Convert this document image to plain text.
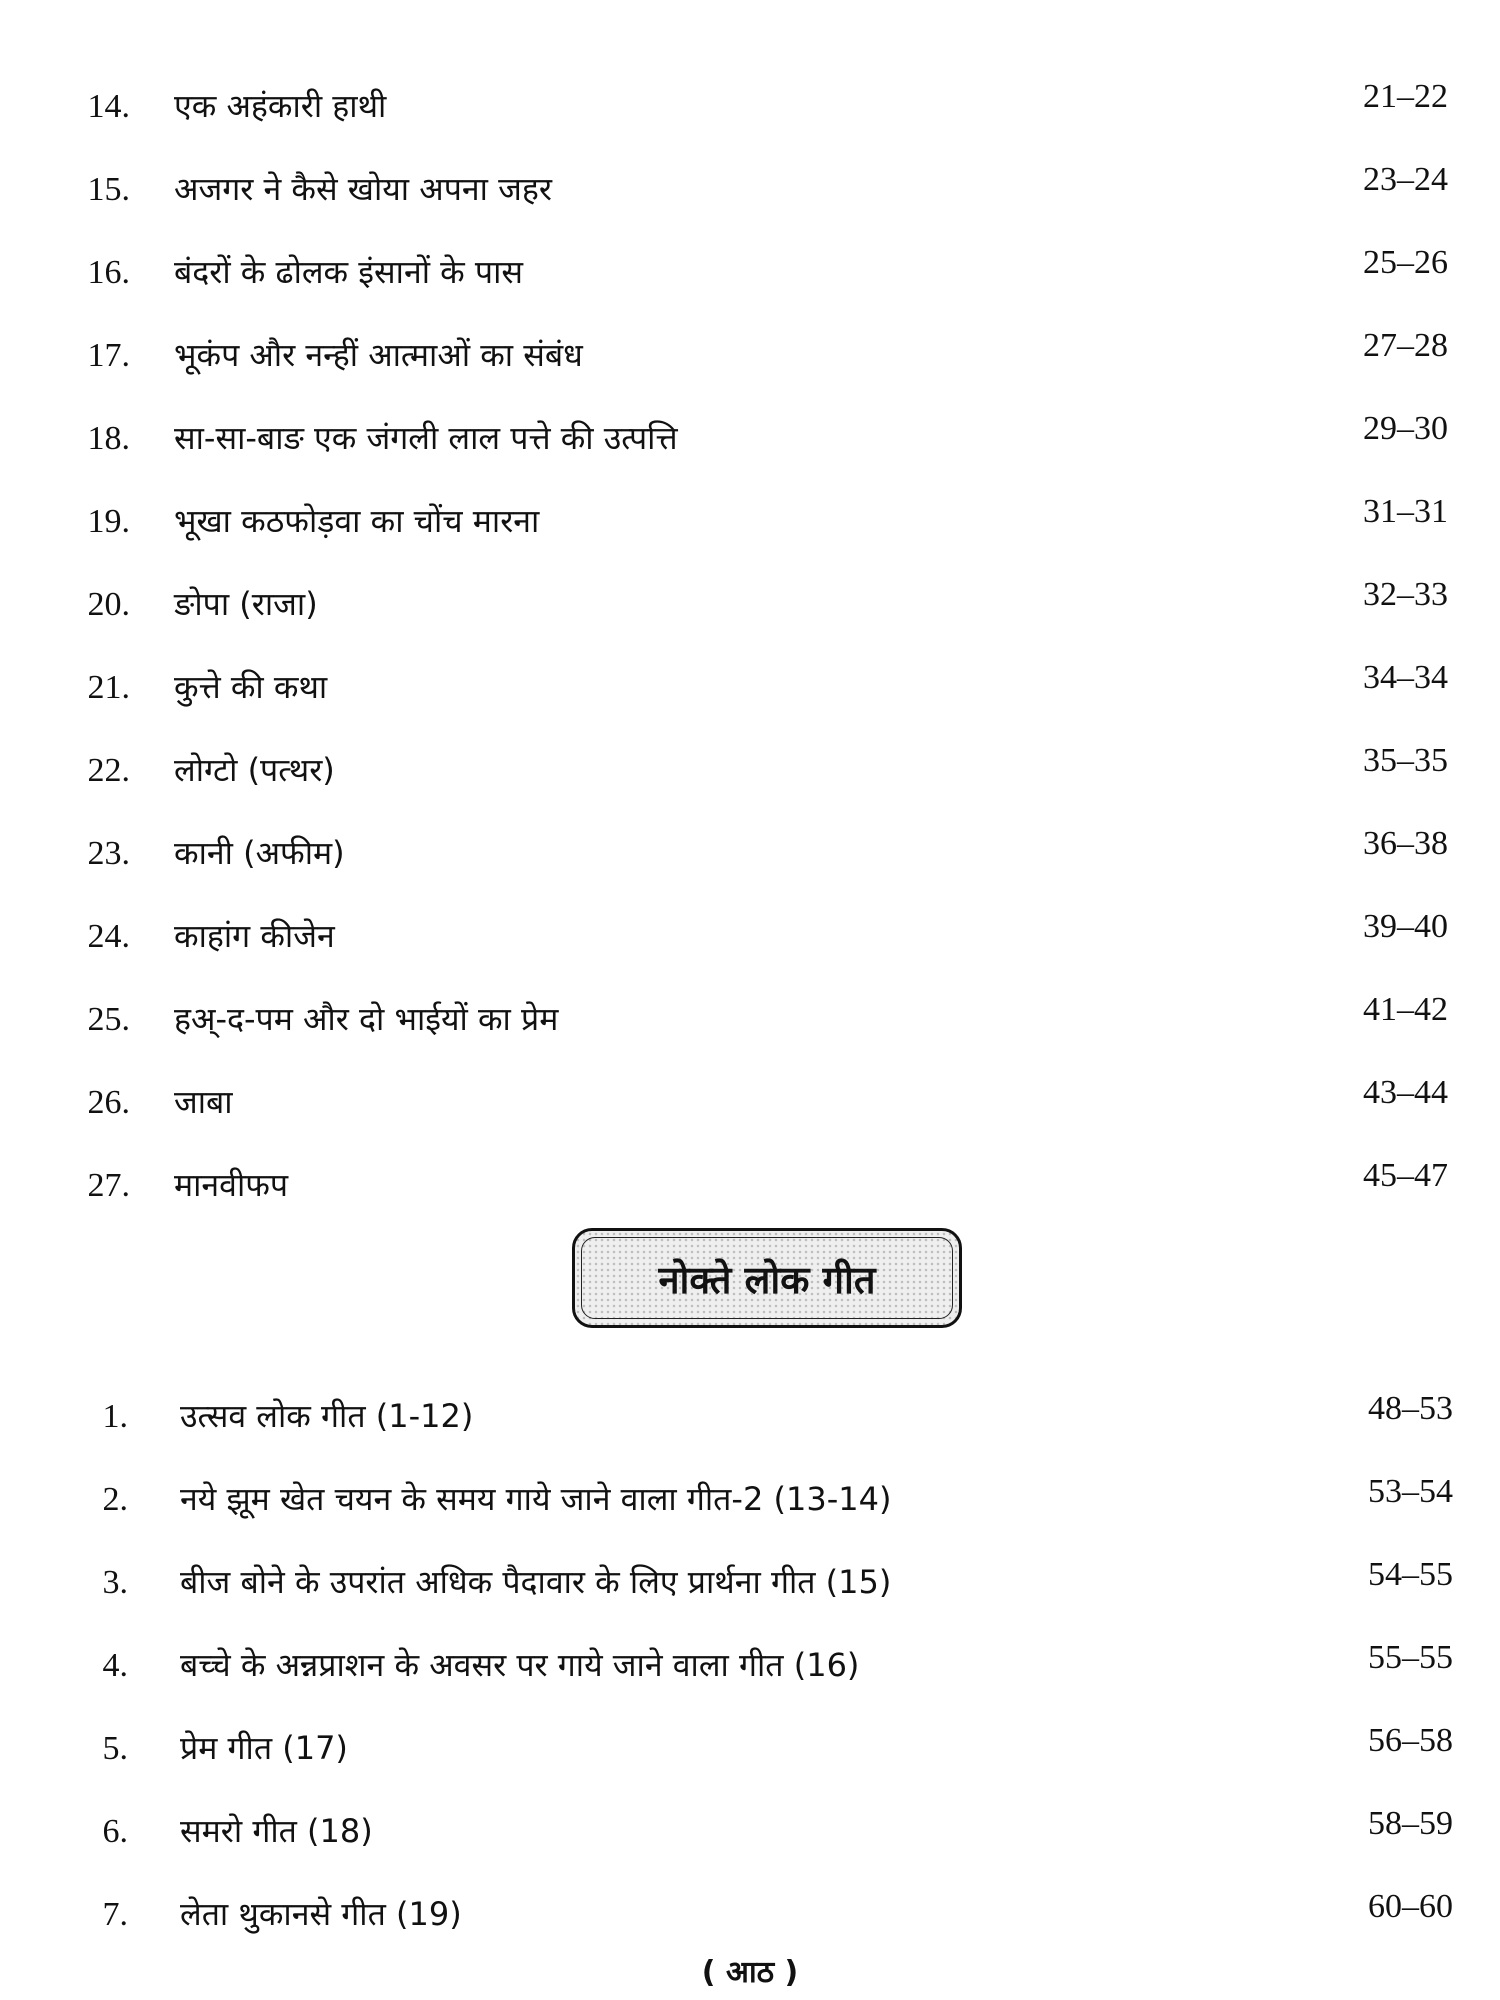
14. एक अहंकारी हाथी	21–22
15. अजगर ने कैसे खोया अपना जहर	23–24
16. बंदरों के ढोलक इंसानों के पास	25–26
17. भूकंप और नन्हीं आत्माओं का संबंध	27–28
18. सा-सा-बाङ एक जंगली लाल पत्ते की उत्पत्ति	29–30
19. भूखा कठफोड़वा का चोंच मारना	31–31
20. ङोपा (राजा)	32–33
21. कुत्ते की कथा	34–34
22. लोग्टो (पत्थर)	35–35
23. कानी (अफीम)	36–38
24. काहांग कीजेन	39–40
25. हअ्-द-पम और दो भाईयों का प्रेम	41–42
26. जाबा	43–44
27. मानवीफप	45–47
नोक्ते लोक गीत
1. उत्सव लोक गीत (1-12)	48–53
2. नये झूम खेत चयन के समय गाये जाने वाला गीत-2 (13-14)	53–54
3. बीज बोने के उपरांत अधिक पैदावार के लिए प्रार्थना गीत (15)	54–55
4. बच्चे के अन्नप्राशन के अवसर पर गाये जाने वाला गीत (16)	55–55
5. प्रेम गीत (17)	56–58
6. समरो गीत (18)	58–59
7. लेता थुकानसे गीत (19)	60–60
( आठ )
